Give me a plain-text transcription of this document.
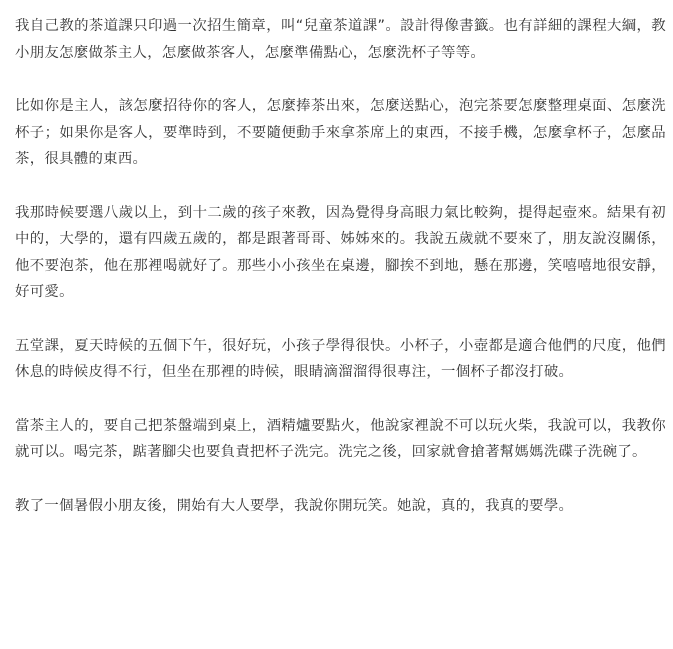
我自己教的茶道課只印過一次招生簡章，叫“兒童茶道課”。設計得像書籤。也有詳細的課程大綱，教小朋友怎麼做茶主人，怎麼做茶客人，怎麼準備點心，怎麼洗杯子等等。

比如你是主人，該怎麼招待你的客人，怎麼捧茶出來，怎麼送點心，泡完茶要怎麼整理桌面、怎麼洗杯子；如果你是客人，要準時到，不要隨便動手來拿茶席上的東西，不接手機，怎麼拿杯子，怎麼品茶，很具體的東西。

我那時候要選八歲以上，到十二歲的孩子來教，因為覺得身高眼力氣比較夠，提得起壺來。結果有初中的，大學的，還有四歲五歲的，都是跟著哥哥、姊姊來的。我說五歲就不要來了，朋友說沒關係，他不要泡茶，他在那裡喝就好了。那些小小孩坐在桌邊，腳挨不到地，懸在那邊，笑嘻嘻地很安靜，好可愛。

五堂課，夏天時候的五個下午，很好玩，小孩子學得很快。小杯子，小壺都是適合他們的尺度，他們休息的時候皮得不行，但坐在那裡的時候，眼睛滴溜溜得很專注，一個杯子都沒打破。

當茶主人的，要自己把茶盤端到桌上，酒精爐要點火，他說家裡說不可以玩火柴，我說可以，我教你就可以。喝完茶，踮著腳尖也要負責把杯子洗完。洗完之後，回家就會搶著幫媽媽洗碟子洗碗了。

教了一個暑假小朋友後，開始有大人要學，我說你開玩笑。她說，真的，我真的要學。
